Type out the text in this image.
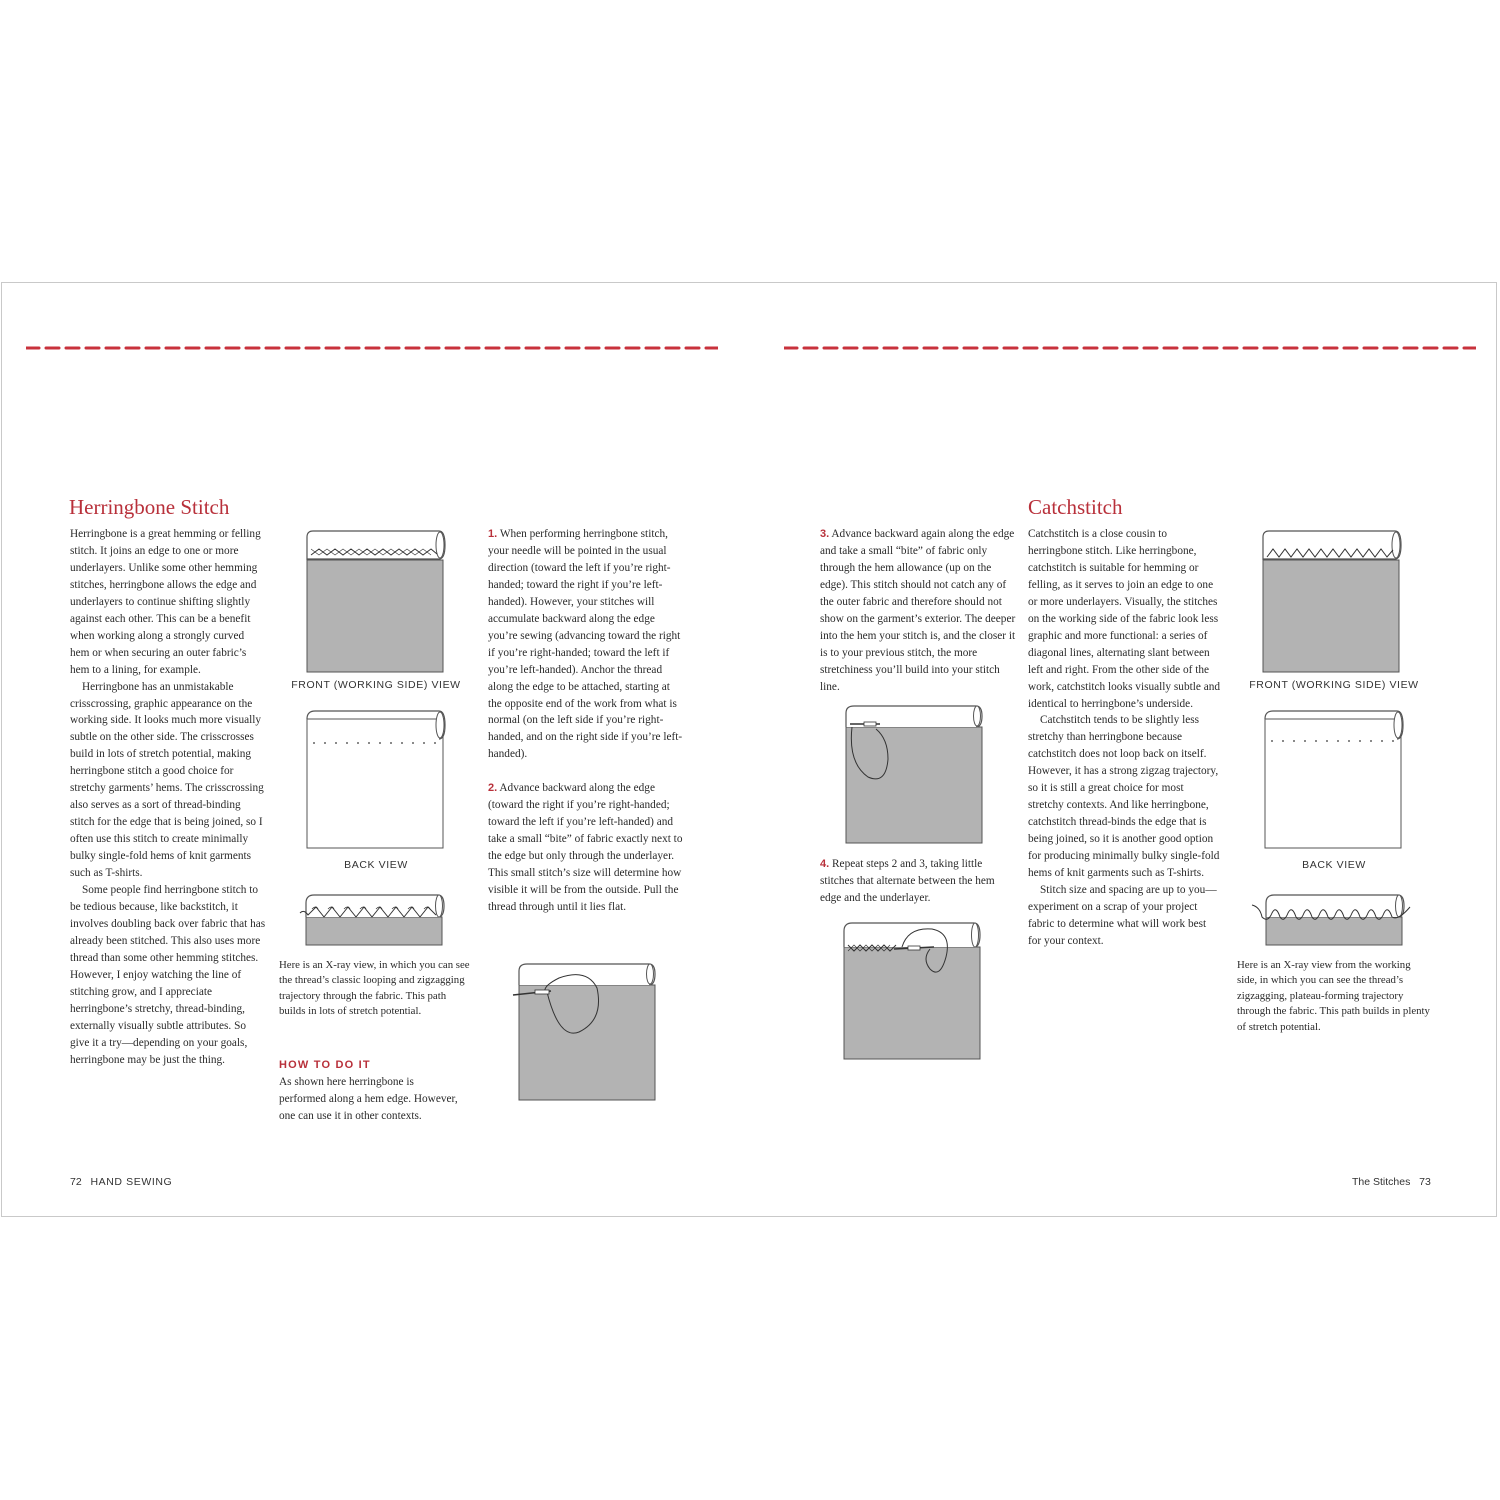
Herringbone Stitch

Herringbone is a great hemming or felling stitch. It joins an edge to one or more underlayers. Unlike some other hemming stitches, herringbone allows the edge and underlayers to continue shifting slightly against each other. This can be a benefit when working along a strongly curved hem or when securing an outer fabric’s hem to a lining, for example.

Herringbone has an unmistakable crisscrossing, graphic appearance on the working side. It looks much more visually subtle on the other side. The crisscrosses build in lots of stretch potential, making herringbone stitch a good choice for stretchy garments’ hems. The crisscrossing also serves as a sort of thread-binding stitch for the edge that is being joined, so I often use this stitch to create minimally bulky single-fold hems of knit garments such as T-shirts.

Some people find herringbone stitch to be tedious because, like backstitch, it involves doubling back over fabric that has already been stitched. This also uses more thread than some other hemming stitches. However, I enjoy watching the line of stitching grow, and I appreciate herringbone’s stretchy, thread-binding, externally visually subtle attributes. So give it a try—depending on your goals, herringbone may be just the thing.

FRONT (WORKING SIDE) VIEW
BACK VIEW
Here is an X-ray view, in which you can see the thread’s classic looping and zigzagging trajectory through the fabric. This path builds in lots of stretch potential.

HOW TO DO IT

As shown here herringbone is performed along a hem edge. However, one can use it in other contexts.

1. When performing herringbone stitch, your needle will be pointed in the usual direction (toward the left if you’re right-handed; toward the right if you’re left-handed). However, your stitches will accumulate backward along the edge you’re sewing (advancing toward the right if you’re right-handed; toward the left if you’re left-handed). Anchor the thread along the edge to be attached, starting at the opposite end of the work from what is normal (on the left side if you’re right-handed, and on the right side if you’re left-handed).

2. Advance backward along the edge (toward the right if you’re right-handed; toward the left if you’re left-handed) and take a small “bite” of fabric exactly next to the edge but only through the underlayer. This small stitch’s size will determine how visible it will be from the outside. Pull the thread through until it lies flat.

72 HAND SEWING

3. Advance backward again along the edge and take a small “bite” of fabric only through the hem allowance (up on the edge). This stitch should not catch any of the outer fabric and therefore should not show on the garment’s exterior. The deeper into the hem your stitch is, and the closer it is to your previous stitch, the more stretchiness you’ll build into your stitch line.

4. Repeat steps 2 and 3, taking little stitches that alternate between the hem edge and the underlayer.

Catchstitch

Catchstitch is a close cousin to herringbone stitch. Like herringbone, catchstitch is suitable for hemming or felling, as it serves to join an edge to one or more underlayers. Visually, the stitches on the working side of the fabric look less graphic and more functional: a series of diagonal lines, alternating slant between left and right. From the other side of the work, catchstitch looks visually subtle and identical to herringbone’s underside.

Catchstitch tends to be slightly less stretchy than herringbone because catchstitch does not loop back on itself. However, it has a strong zigzag trajectory, so it is still a great choice for most stretchy contexts. And like herringbone, catchstitch thread-binds the edge that is being joined, so it is another good option for producing minimally bulky single-fold hems of knit garments such as T-shirts.

Stitch size and spacing are up to you—experiment on a scrap of your project fabric to determine what will work best for your context.

FRONT (WORKING SIDE) VIEW
BACK VIEW
Here is an X-ray view from the working side, in which you can see the thread’s zigzagging, plateau-forming trajectory through the fabric. This path builds in plenty of stretch potential.
The Stitches 73
